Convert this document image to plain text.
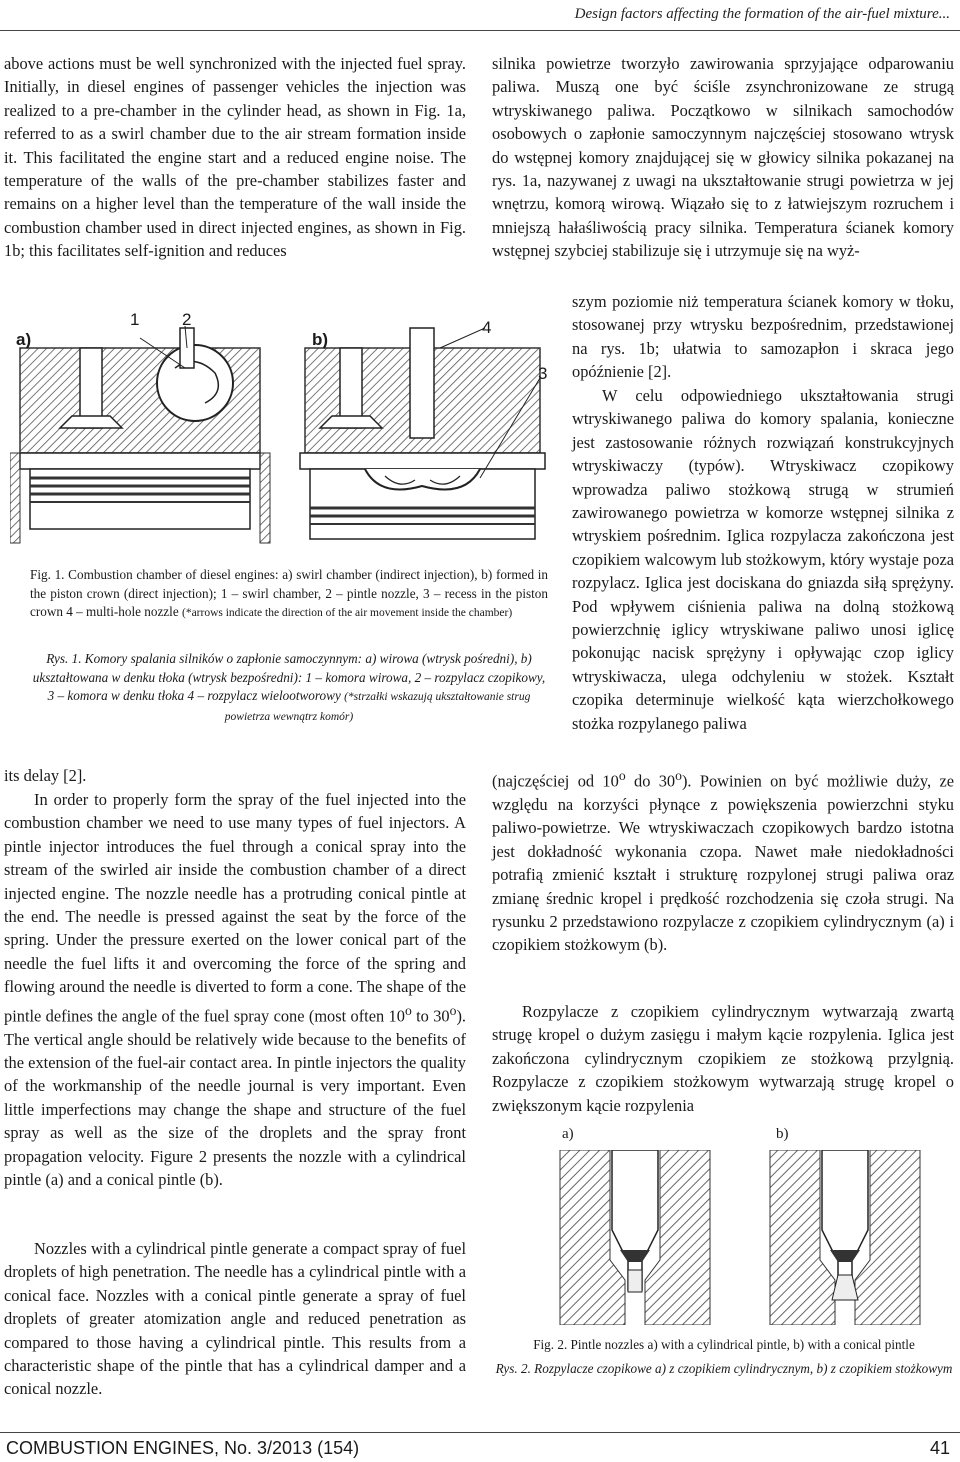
Design factors affecting the formation of the air-fuel mixture...

above actions must be well synchronized with the injected fuel spray. Initially, in diesel engines of passenger vehicles the injection was realized to a pre-chamber in the cylinder head, as shown in Fig. 1a, referred to as a swirl chamber due to the air stream formation inside it. This facilitated the engine start and a reduced engine noise. The temperature of the walls of the pre-chamber stabilizes faster and remains on a higher level than the temperature of the wall inside the combustion chamber used in direct injected engines, as shown in Fig. 1b; this facilitates self-ignition and reduces

a)	b)
1	2
3
4

Fig. 1. Combustion chamber of diesel engines: a) swirl chamber (indirect injection), b) formed in the piston crown (direct injection); 1 – swirl chamber, 2 – pintle nozzle, 3 – recess in the piston crown 4 – multi-hole nozzle (*arrows indicate the direction of the air movement inside the chamber)

Rys. 1. Komory spalania silników o zapłonie samoczynnym: a) wirowa (wtrysk pośredni), b) ukształtowana w denku tłoka (wtrysk bezpośredni): 1 – komora wirowa, 2 – rozpylacz czopikowy, 3 – komora w denku tłoka 4 – rozpylacz wielootworowy (*strzałki wskazują ukształtowanie strug powietrza wewnątrz komór)

its delay [2].

In order to properly form the spray of the fuel injected into the combustion chamber we need to use many types of fuel injectors. A pintle injector introduces the fuel through a conical spray into the stream of the swirled air inside the combustion chamber of a direct injected engine. The nozzle needle has a protruding conical pintle at the end. The needle is pressed against the seat by the force of the spring. Under the pressure exerted on the lower conical part of the needle the fuel lifts it and overcoming the force of the spring and flowing around the needle is diverted to form a cone. The shape of the pintle defines the angle of the fuel spray cone (most often 10$^o$ to 30$^o$). The vertical angle should be relatively wide because to the benefits of the extension of the fuel-air contact area. In pintle injectors the quality of the workmanship of the needle journal is very important. Even little imperfections may change the shape and structure of the fuel spray as well as the size of the droplets and the spray front propagation velocity. Figure 2 presents the nozzle with a cylindrical pintle (a) and a conical pintle (b).

Nozzles with a cylindrical pintle generate a compact spray of fuel droplets of high penetration. The needle has a cylindrical pintle with a conical face. Nozzles with a conical pintle generate a spray of fuel droplets of greater atomization angle and reduced penetration as compared to those having a cylindrical pintle. This results from a characteristic shape of the pintle that has a cylindrical damper and a conical nozzle.

silnika powietrze tworzyło zawirowania sprzyjające odparowaniu paliwa. Muszą one być ściśle zsynchronizowane ze strugą wtryskiwanego paliwa. Początkowo w silnikach samochodów osobowych o zapłonie samoczynnym najczęściej stosowano wtrysk do wstępnej komory znajdującej się w głowicy silnika pokazanej na rys. 1a, nazywanej z uwagi na ukształtowanie strugi powietrza w jej wnętrzu, komorą wirową. Wiązało się to z łatwiejszym rozruchem i mniejszą hałaśliwością pracy silnika. Temperatura ścianek komory wstępnej szybciej stabilizuje się i utrzymuje się na wyż-

szym poziomie niż temperatura ścianek komory w tłoku, stosowanej przy wtrysku bezpośrednim, przedstawionej na rys. 1b; ułatwia to samozapłon i skraca jego opóźnienie [2].

W celu odpowiedniego ukształtowania strugi wtryskiwanego paliwa do komory spalania, konieczne jest zastosowanie różnych rozwiązań konstrukcyjnych wtryskiwaczy (typów). Wtryskiwacz czopikowy wprowadza paliwo stożkową strugą w strumień zawirowanego powietrza w komorze wstępnej silnika z wtryskiem pośrednim. Iglica rozpylacza zakończona jest czopikiem walcowym lub stożkowym, który wystaje poza rozpylacz. Iglica jest dociskana do gniazda siłą sprężyny. Pod wpływem ciśnienia paliwa na dolną stożkową powierzchnię iglicy wtryskiwane paliwo unosi iglicę pokonując nacisk sprężyny i opływając czop iglicy wtryskiwacza, ulega odchyleniu w stożek. Kształt czopika determinuje wielkość kąta wierzchołkowego stożka rozpylanego paliwa

(najczęściej od 10$^o$ do 30$^o$). Powinien on być możliwie duży, ze względu na korzyści płynące z powiększenia powierzchni styku paliwo-powietrze. We wtryskiwaczach czopikowych bardzo istotna jest dokładność wykonania czopa. Nawet małe niedokładności potrafią zmienić kształt i strukturę rozpylonej strugi paliwa oraz zmianę średnic kropel i prędkość rozchodzenia się czoła strugi. Na rysunku 2 przedstawiono rozpylacze z czopikiem cylindrycznym (a) i czopikiem stożkowym (b).

Rozpylacze z czopikiem cylindrycznym wytwarzają zwartą strugę kropel o dużym zasięgu i małym kącie rozpylenia. Iglica jest zakończona cylindrycznym czopikiem ze stożkową przylgnią. Rozpylacze z czopikiem stożkowym wytwarzają strugę kropel o zwiększonym kącie rozpylenia

a)	b)

Fig. 2. Pintle nozzles a) with a cylindrical pintle, b) with a conical pintle

Rys. 2. Rozpylacze czopikowe a) z czopikiem cylindrycznym, b) z czopikiem stożkowym

COMBUSTION ENGINES, No. 3/2013 (154)	41
